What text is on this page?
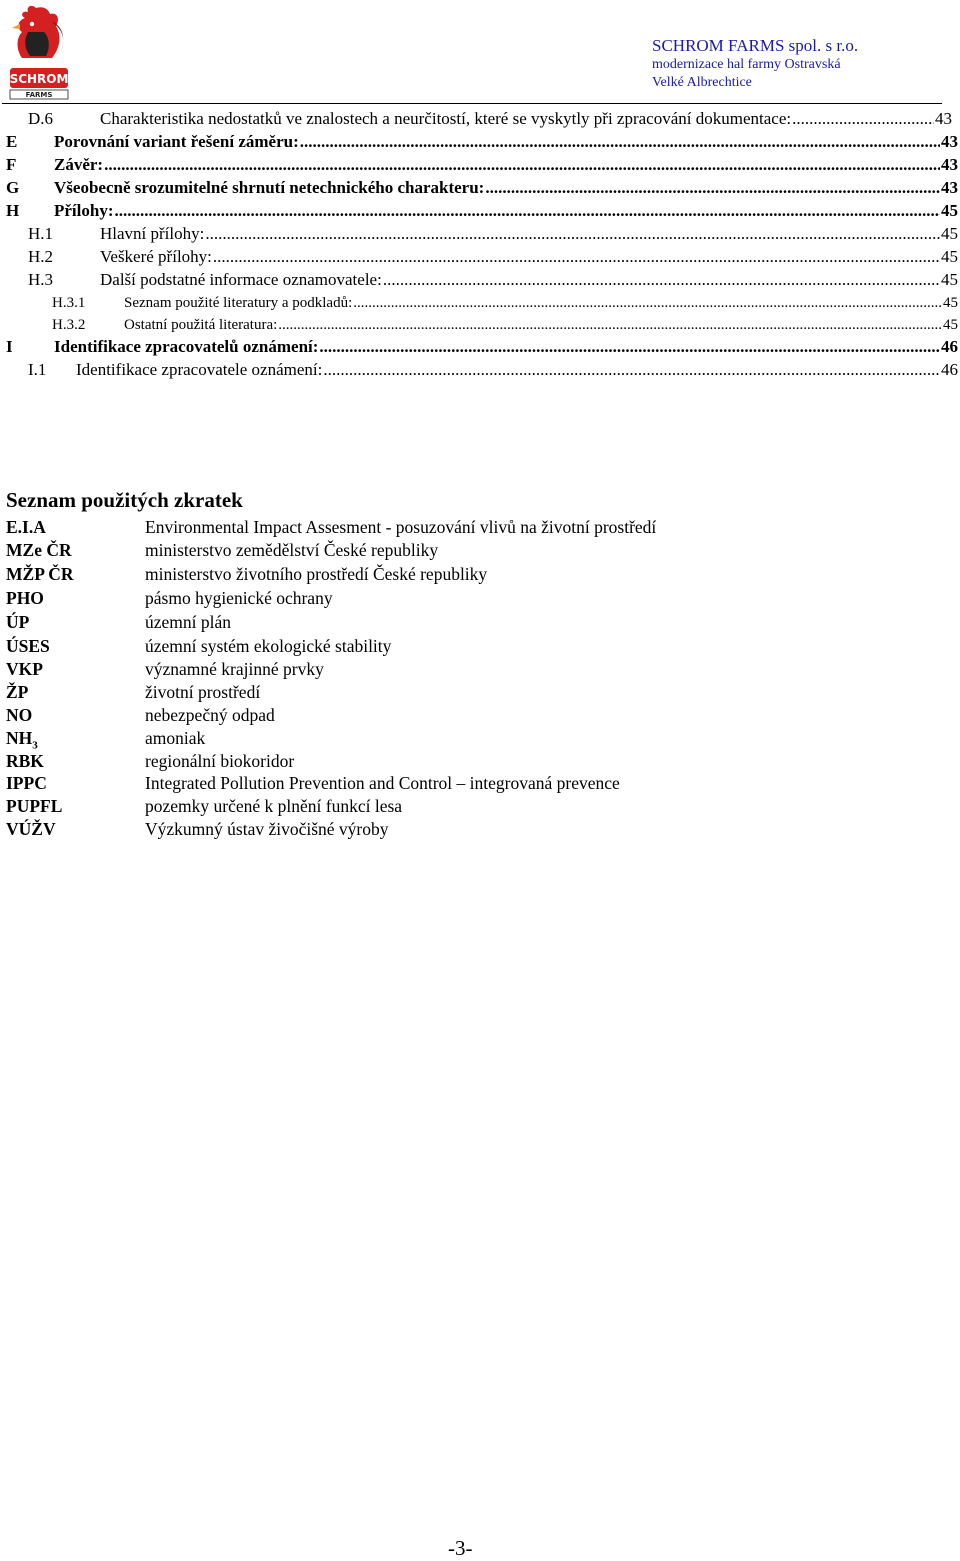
SCHROM
FARMS
SCHROM FARMS spol. s r.o.
modernizace hal farmy Ostravská
Velké Albrechtice
D.6	Charakteristika nedostatků ve znalostech a neurčitostí, které se vyskytly při zpracování dokumentace: .....	43
E	Porovnání variant řešení záměru: .....	43
F	Závěr: .....	43
G	Všeobecně srozumitelné shrnutí netechnického charakteru: .....	43
H	Přílohy: .....	45
H.1	Hlavní přílohy: .....	45
H.2	Veškeré přílohy: .....	45
H.3	Další podstatné informace oznamovatele: .....	45
H.3.1	Seznam použité literatury a podkladů: .....	45
H.3.2	Ostatní použitá literatura: .....	45
I	Identifikace zpracovatelů oznámení: .....	46
I.1	Identifikace zpracovatele oznámení: .....	46
Seznam použitých zkratek
E.I.A	Environmental Impact Assesment - posuzování vlivů na životní prostředí
MZe ČR	ministerstvo zemědělství České republiky
MŽP ČR	ministerstvo životního prostředí České republiky
PHO	pásmo hygienické ochrany
ÚP	územní plán
ÚSES	územní systém ekologické stability
VKP	významné krajinné prvky
ŽP	životní prostředí
NO	nebezpečný odpad
$NH_3$	amoniak
RBK	regionální biokoridor
IPPC	Integrated Pollution Prevention and Control – integrovaná prevence
PUPFL	pozemky určené k plnění funkcí lesa
VÚŽV	Výzkumný ústav živočišné výroby
-3-
